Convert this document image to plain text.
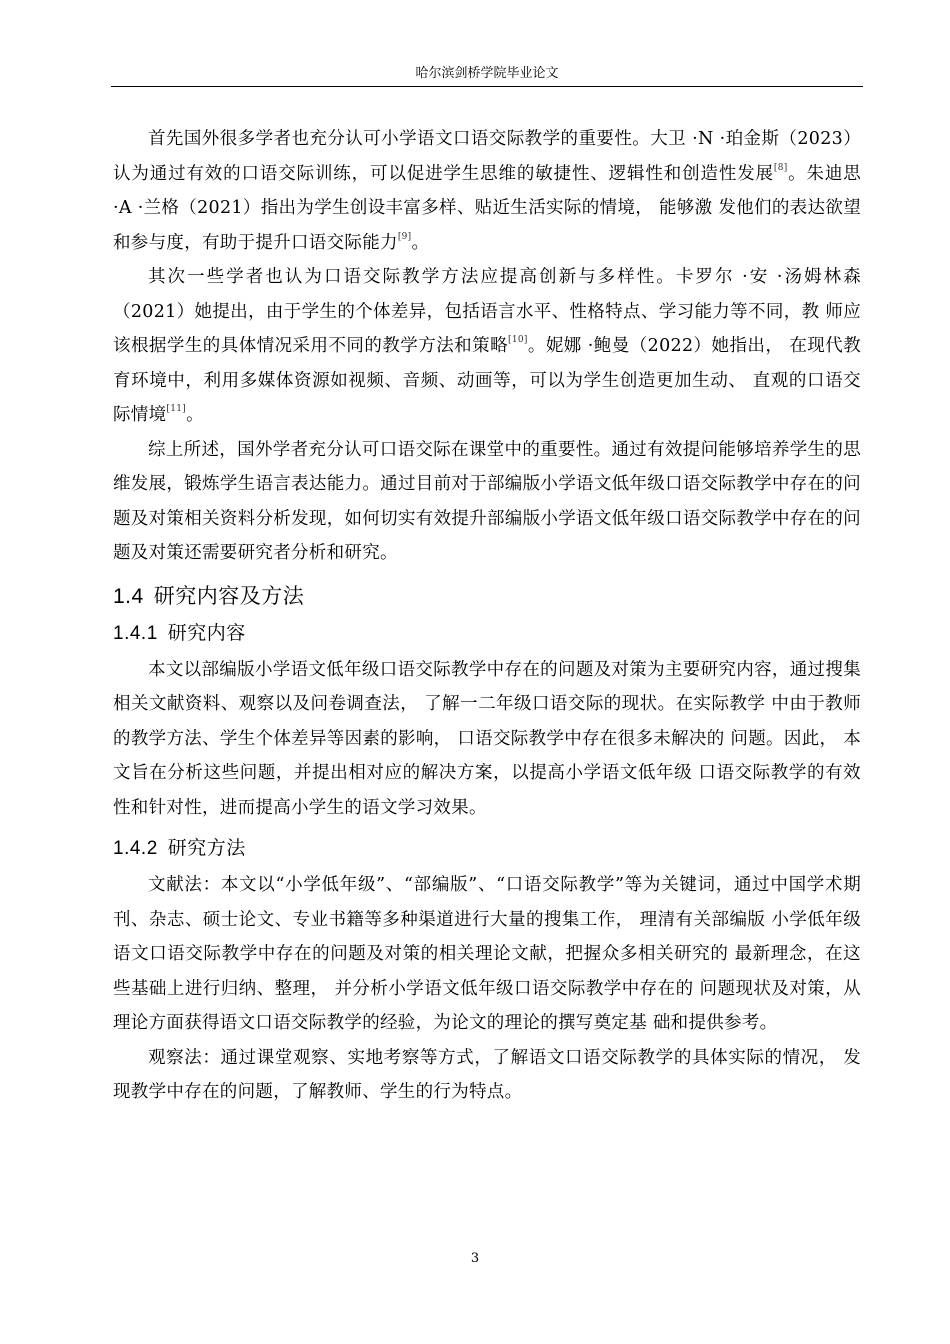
哈尔滨剑桥学院毕业论文

首先国外很多学者也充分认可小学语文口语交际教学的重要性。大卫 ·N ·珀金斯（2023）认为通过有效的口语交际训练，可以促进学生思维的敏捷性、逻辑性和创造性发展[8]。朱迪思 ·A ·兰格（2021）指出为学生创设丰富多样、贴近生活实际的情境， 能够激 发他们的表达欲望和参与度，有助于提升口语交际能力[9]。

其次一些学者也认为口语交际教学方法应提高创新与多样性。卡罗尔 ·安 ·汤姆林森 （2021）她提出，由于学生的个体差异，包括语言水平、性格特点、学习能力等不同，教 师应该根据学生的具体情况采用不同的教学方法和策略[10]。妮娜 ·鲍曼（2022）她指出， 在现代教育环境中，利用多媒体资源如视频、音频、动画等，可以为学生创造更加生动、 直观的口语交际情境[11]。

综上所述，国外学者充分认可口语交际在课堂中的重要性。通过有效提问能够培养学生的思维发展，锻炼学生语言表达能力。通过目前对于部编版小学语文低年级口语交际教学中存在的问题及对策相关资料分析发现，如何切实有效提升部编版小学语文低年级口语交际教学中存在的问题及对策还需要研究者分析和研究。

1.4 研究内容及方法
1.4.1 研究内容

本文以部编版小学语文低年级口语交际教学中存在的问题及对策为主要研究内容，通过搜集相关文献资料、观察以及问卷调查法， 了解一二年级口语交际的现状。在实际教学 中由于教师的教学方法、学生个体差异等因素的影响， 口语交际教学中存在很多未解决的 问题。因此， 本文旨在分析这些问题，并提出相对应的解决方案，以提高小学语文低年级 口语交际教学的有效性和针对性，进而提高小学生的语文学习效果。

1.4.2 研究方法

文献法：本文以“小学低年级”、“部编版”、“口语交际教学”等为关键词，通过中国学术期刊、杂志、硕士论文、专业书籍等多种渠道进行大量的搜集工作， 理清有关部编版 小学低年级语文口语交际教学中存在的问题及对策的相关理论文献，把握众多相关研究的 最新理念，在这些基础上进行归纳、整理， 并分析小学语文低年级口语交际教学中存在的 问题现状及对策，从理论方面获得语文口语交际教学的经验，为论文的理论的撰写奠定基 础和提供参考。

观察法：通过课堂观察、实地考察等方式，了解语文口语交际教学的具体实际的情况， 发现教学中存在的问题，了解教师、学生的行为特点。

3
